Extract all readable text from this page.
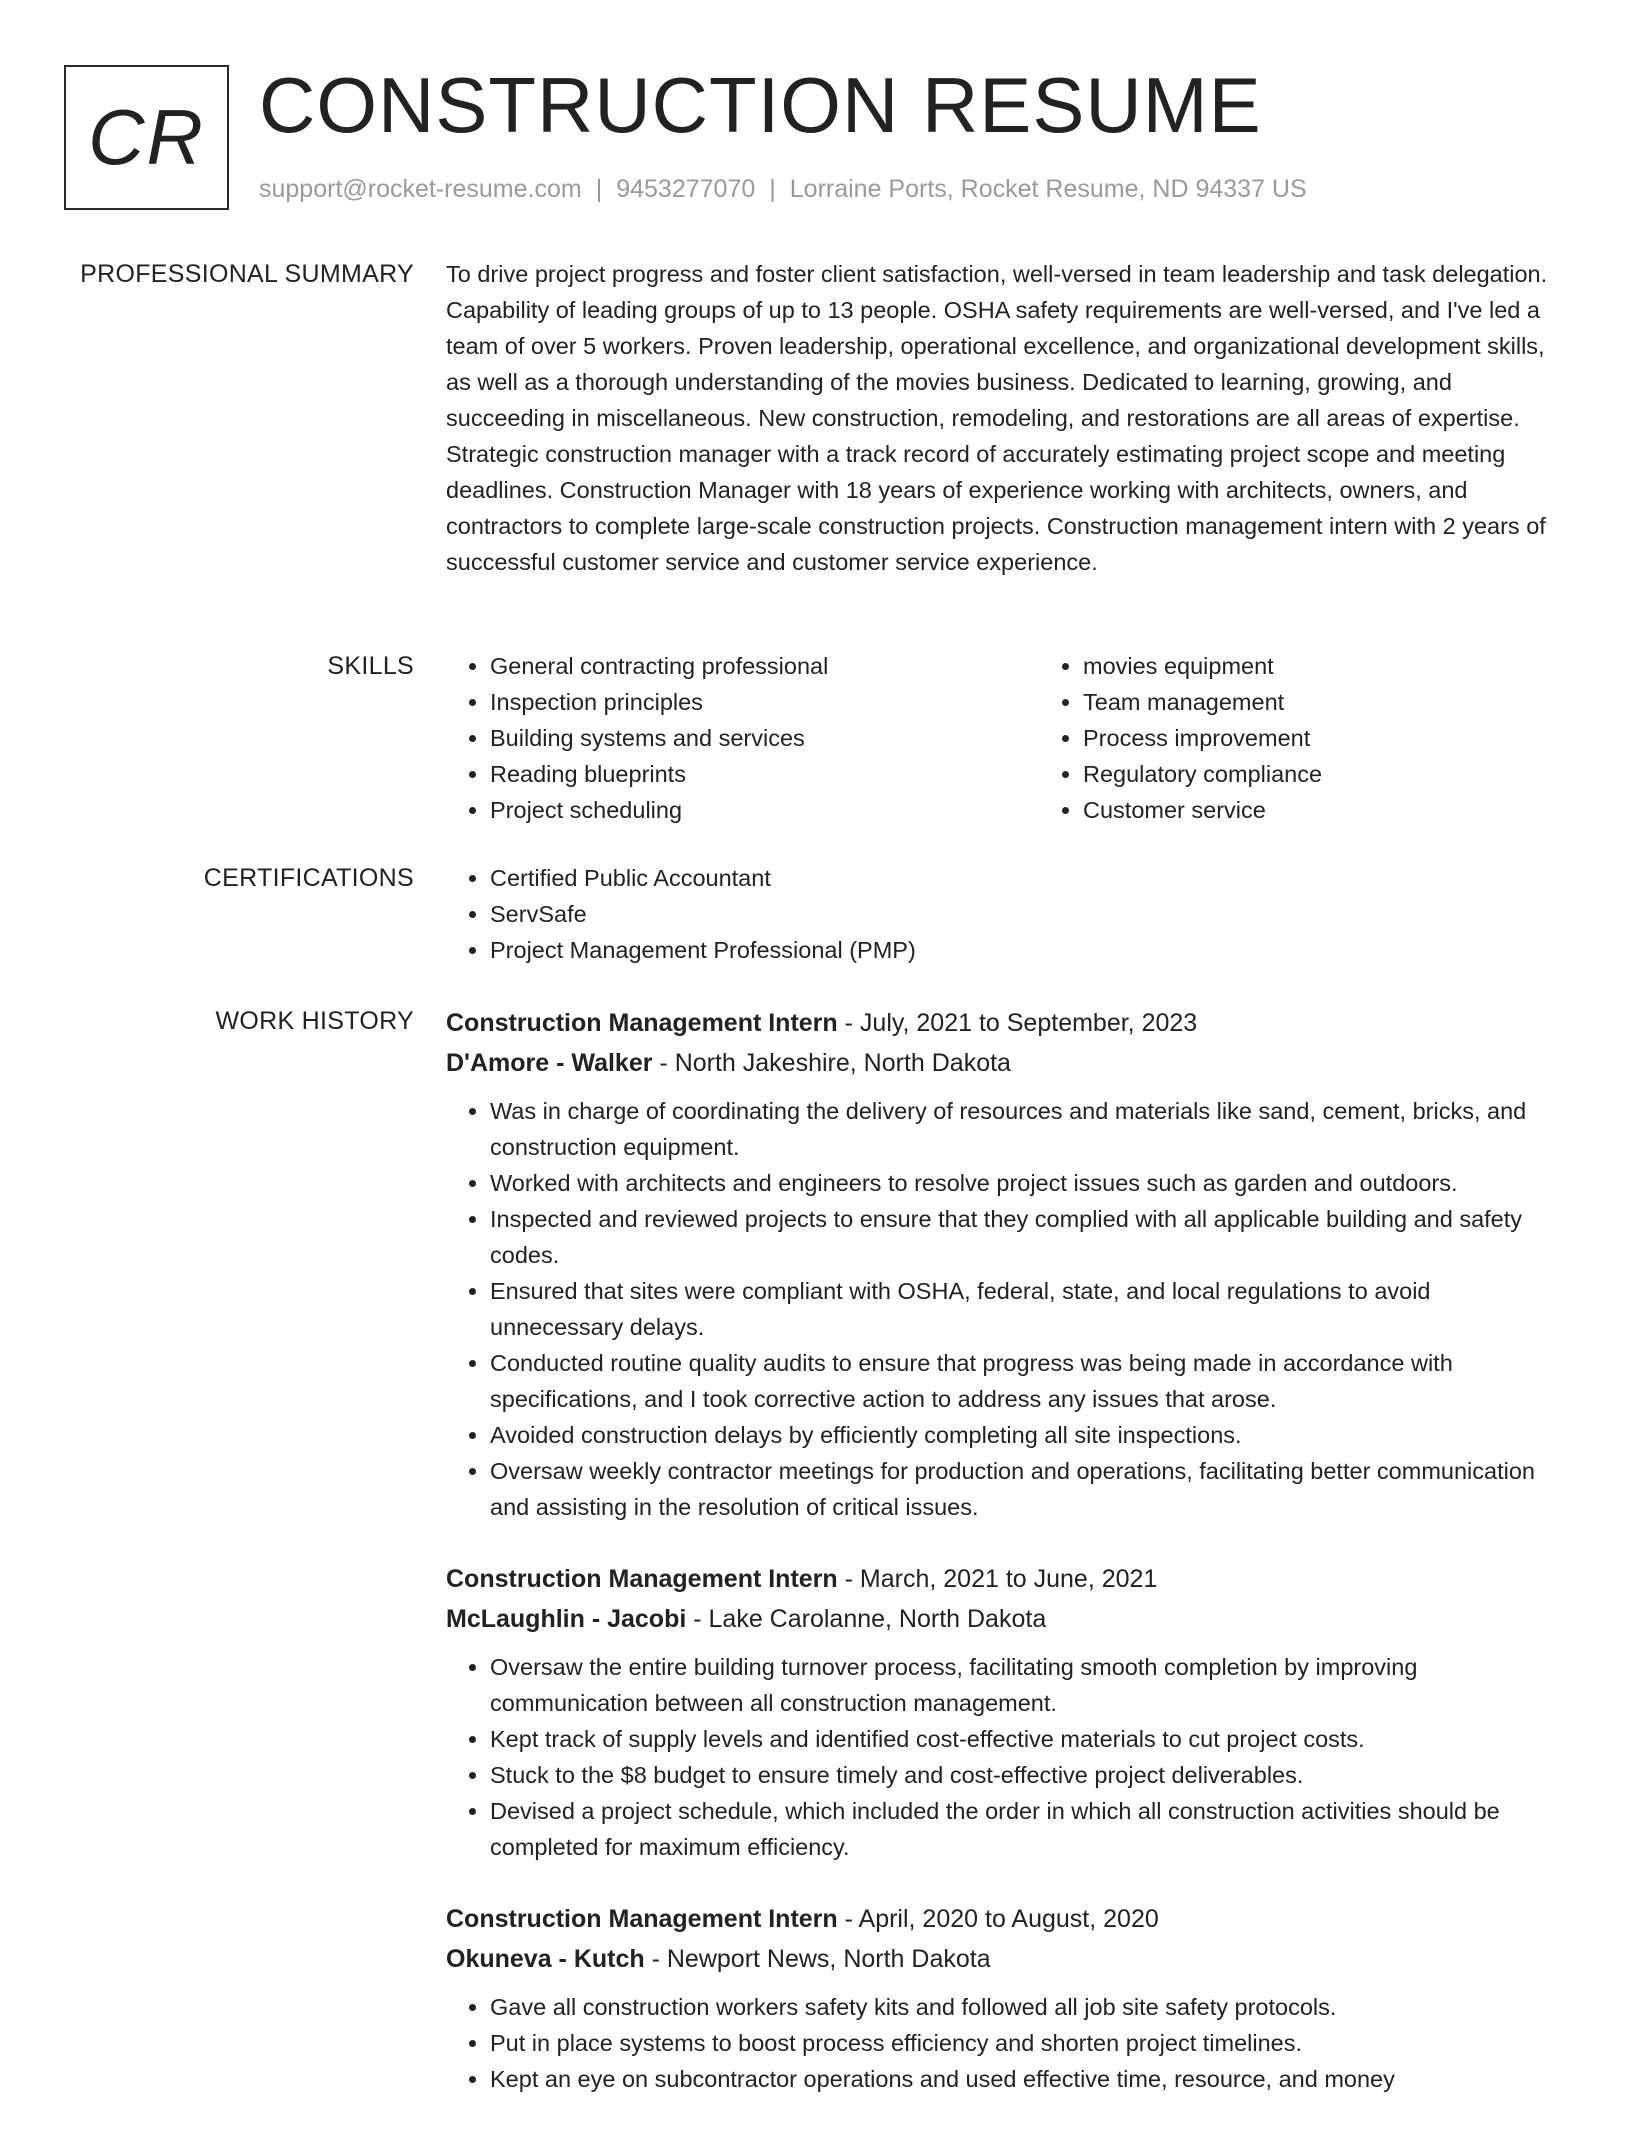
CR CONSTRUCTION RESUME
support@rocket-resume.com | 9453277070 | Lorraine Ports, Rocket Resume, ND 94337 US
PROFESSIONAL SUMMARY To drive project progress and foster client satisfaction, well-versed in team leadership and task delegation. Capability of leading groups of up to 13 people. OSHA safety requirements are well-versed, and I've led a team of over 5 workers. Proven leadership, operational excellence, and organizational development skills, as well as a thorough understanding of the movies business. Dedicated to learning, growing, and succeeding in miscellaneous. New construction, remodeling, and restorations are all areas of expertise. Strategic construction manager with a track record of accurately estimating project scope and meeting deadlines. Construction Manager with 18 years of experience working with architects, owners, and contractors to complete large-scale construction projects. Construction management intern with 2 years of successful customer service and customer service experience.
SKILLS	• General contracting professional
• Inspection principles
• Building systems and services
• Reading blueprints
• Project scheduling
• movies equipment
• Team management
• Process improvement
• Regulatory compliance
• Customer service
CERTIFICATIONS	• Certified Public Accountant
• ServSafe
• Project Management Professional (PMP)
WORK HISTORY Construction Management Intern - July, 2021 to September, 2023
D'Amore - Walker - North Jakeshire, North Dakota
• Was in charge of coordinating the delivery of resources and materials like sand, cement, bricks, and construction equipment.
• Worked with architects and engineers to resolve project issues such as garden and outdoors.
• Inspected and reviewed projects to ensure that they complied with all applicable building and safety codes.
• Ensured that sites were compliant with OSHA, federal, state, and local regulations to avoid unnecessary delays.
• Conducted routine quality audits to ensure that progress was being made in accordance with specifications, and I took corrective action to address any issues that arose.
• Avoided construction delays by efficiently completing all site inspections.
• Oversaw weekly contractor meetings for production and operations, facilitating better communication and assisting in the resolution of critical issues.
Construction Management Intern - March, 2021 to June, 2021
McLaughlin - Jacobi - Lake Carolanne, North Dakota
• Oversaw the entire building turnover process, facilitating smooth completion by improving communication between all construction management.
• Kept track of supply levels and identified cost-effective materials to cut project costs.
• Stuck to the $8 budget to ensure timely and cost-effective project deliverables.
• Devised a project schedule, which included the order in which all construction activities should be completed for maximum efficiency.
Construction Management Intern - April, 2020 to August, 2020
Okuneva - Kutch - Newport News, North Dakota
• Gave all construction workers safety kits and followed all job site safety protocols.
• Put in place systems to boost process efficiency and shorten project timelines.
• Kept an eye on subcontractor operations and used effective time, resource, and money
